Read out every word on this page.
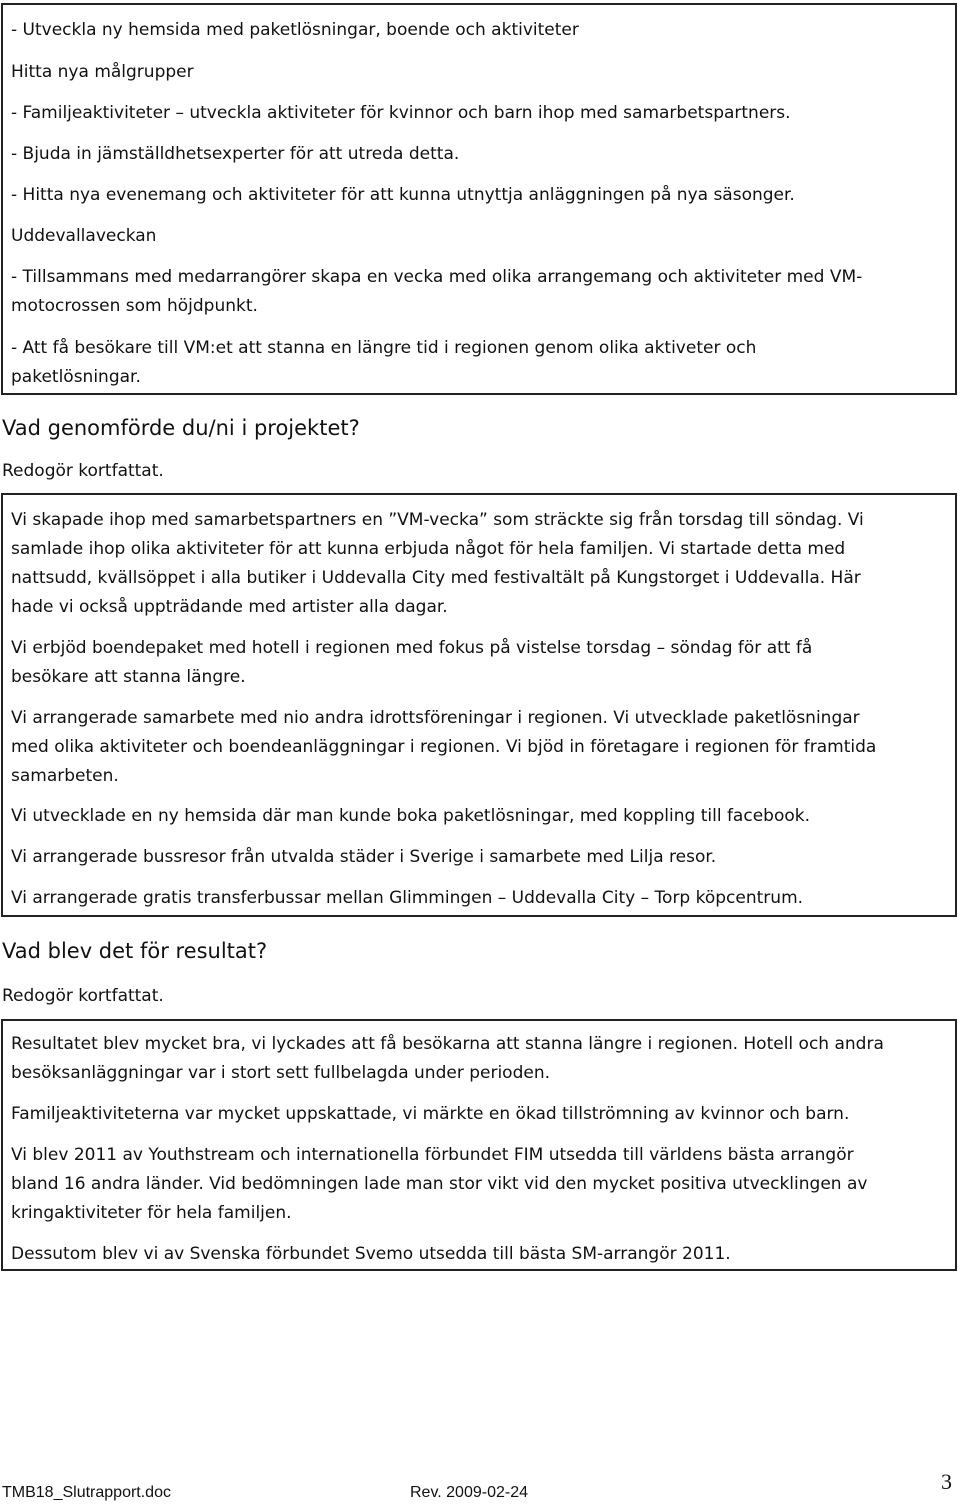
- Utveckla ny hemsida med paketlösningar, boende och aktiviteter
Hitta nya målgrupper
- Familjeaktiviteter – utveckla aktiviteter för kvinnor och barn ihop med samarbetspartners.
- Bjuda in jämställdhetsexperter för att utreda detta.
- Hitta nya evenemang och aktiviteter för att kunna utnyttja anläggningen på nya säsonger.
Uddevallaveckan
- Tillsammans med medarrangörer skapa en vecka med olika arrangemang och aktiviteter med VM-
motocrossen som höjdpunkt.
- Att få besökare till VM:et att stanna en längre tid i regionen genom olika aktiveter och
paketlösningar.
Vad genomförde du/ni i projektet?
Redogör kortfattat.
Vi skapade ihop med samarbetspartners en ”VM-vecka” som sträckte sig från torsdag till söndag. Vi
samlade ihop olika aktiviteter för att kunna erbjuda något för hela familjen. Vi startade detta med
nattsudd, kvällsöppet i alla butiker i Uddevalla City med festivaltält på Kungstorget i Uddevalla. Här
hade vi också uppträdande med artister alla dagar.
Vi erbjöd boendepaket med hotell i regionen med fokus på vistelse torsdag – söndag för att få
besökare att stanna längre.
Vi arrangerade samarbete med nio andra idrottsföreningar i regionen. Vi utvecklade paketlösningar
med olika aktiviteter och boendeanläggningar i regionen. Vi bjöd in företagare i regionen för framtida
samarbeten.
Vi utvecklade en ny hemsida där man kunde boka paketlösningar, med koppling till facebook.
Vi arrangerade bussresor från utvalda städer i Sverige i samarbete med Lilja resor.
Vi arrangerade gratis transferbussar mellan Glimmingen – Uddevalla City – Torp köpcentrum.
Vad blev det för resultat?
Redogör kortfattat.
Resultatet blev mycket bra, vi lyckades att få besökarna att stanna längre i regionen. Hotell och andra
besöksanläggningar var i stort sett fullbelagda under perioden.
Familjeaktiviteterna var mycket uppskattade, vi märkte en ökad tillströmning av kvinnor och barn.
Vi blev 2011 av Youthstream och internationella förbundet FIM utsedda till världens bästa arrangör
bland 16 andra länder. Vid bedömningen lade man stor vikt vid den mycket positiva utvecklingen av
kringaktiviteter för hela familjen.
Dessutom blev vi av Svenska förbundet Svemo utsedda till bästa SM-arrangör 2011.
TMB18_Slutrapport.doc	Rev. 2009-02-24	3
